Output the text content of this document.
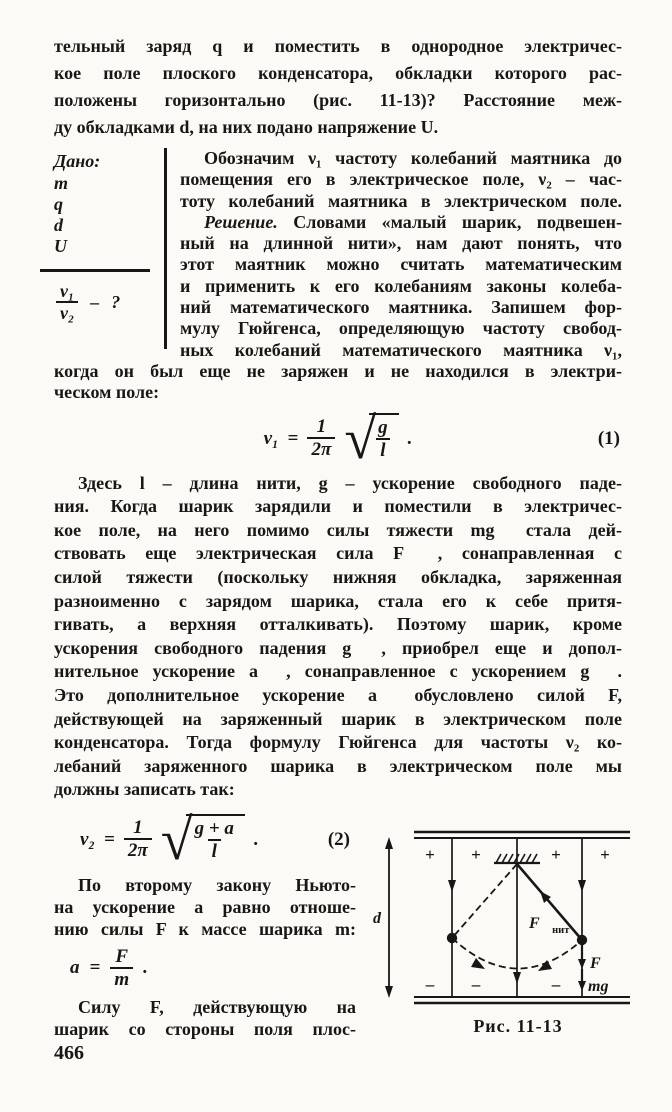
тельный заряд q и поместить в однородное электричес-
кое поле плоского конденсатора, обкладки которого рас-
положены горизонтально (рис. 11-13)? Расстояние меж-
ду обкладками d, на них подано напряжение U.
Дано:
m
q
d
U
$\frac{\text{ν₁}}{\text{ν₂}}$ – ?
Обозначим ν₁ частоту колебаний маятника до
помещения его в электрическое поле, ν₂ – час-
тоту колебаний маятника в электрическом поле.
Решение. Словами «малый шарик, подвешен-
ный на длинной нити», нам дают понять, что
этот маятник можно считать математическим
и применить к его колебаниям законы колеба-
ний математического маятника. Запишем фор-
мулу Гюйгенса, определяющую частоту свобод-
ных колебаний математического маятника ν₁,
когда он был еще не заряжен и не находился в электри-
ческом поле:
$\nu_1 = \frac{1}{2\pi}$ √
$\frac{g}{l}$ .	(1)
Здесь l – длина нити, g – ускорение свободного паде-
ния. Когда шарик зарядили и поместили в электричес-
кое поле, на него помимо силы тяжести mg⃗ стала дей-
ствовать еще электрическая сила F⃗ , сонаправленная с
силой тяжести (поскольку нижняя обкладка, заряженная
разноименно с зарядом шарика, стала его к себе притя-
гивать, а верхняя отталкивать). Поэтому шарик, кроме
ускорения свободного падения g⃗ , приобрел еще и допол-
нительное ускорение a⃗ , сонаправленное с ускорением g⃗ .
Это дополнительное ускорение a⃗ обусловлено силой F,
действующей на заряженный шарик в электрическом поле
конденсатора. Тогда формулу Гюйгенса для частоты ν₂ ко-
лебаний заряженного шарика в электрическом поле мы
должны записать так:
$\nu_2 = \frac{1}{2\pi}$ √
$\frac{g + a}{l}$ .	(2)
По второму закону Ньюто-
на ускорение a равно отноше-
нию силы F к массе шарика m:
$a = \frac{F}{m}$ .
Силу F, действующую на
шарик со стороны поля плос-
d
+ +	+ +
– –	–
$F⃗_{нит}$
F⃗
mg⃗
Рис. 11-13
466
